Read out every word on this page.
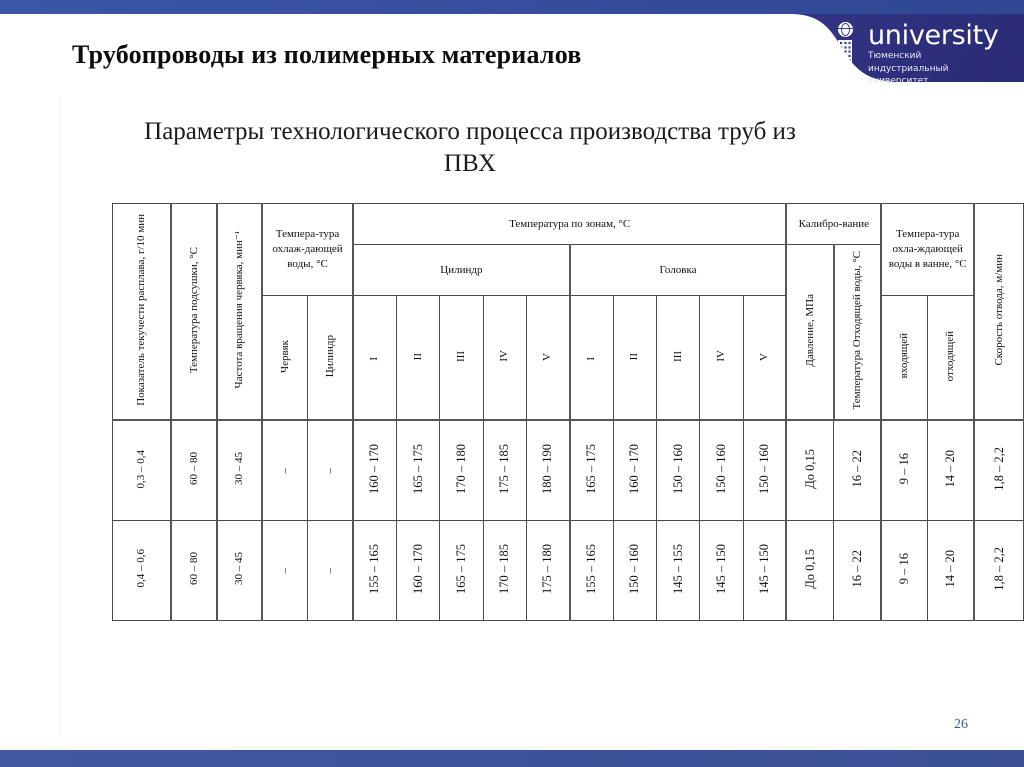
Трубопроводы из полимерных материалов
university
Тюменский
индустриальный
университет
Параметры технологического процесса производства труб из ПВХ
Показатель текучести расплава, г/10 мин	Температура подсушки, °С	Частота вращения червяка, мин⁻¹	Темпера-тура охлаж-дающей воды, °С		Температура по зонам, °С										Калибро-вание		Темпера-тура охла-ждающей воды в ванне, °С		Скорость отвода, м/мин
					Цилиндр					Головка					Давление, МПа	Температура Отходящей воды, °С			
			Червяк	Цилиндр	I	II	III	IV	V	I	II	III	IV	V			входящей	отходящей	

0,3 – 0,4	60 – 80	30 – 45	–	–	160 – 170	165 – 175	170 – 180	175 – 185	180 – 190	165 – 175	160 – 170	150 – 160	150 – 160	150 – 160	До 0,15	16 – 22	9 – 16	14 – 20	1,8 – 2,2
0,4 – 0,6	60 – 80	30 – 45	–	–	155 – 165	160 – 170	165 – 175	170 – 185	175 – 180	155 – 165	150 – 160	145 – 155	145 – 150	145 – 150	До 0,15	16 – 22	9 – 16	14 – 20	1,8 – 2,2
26
